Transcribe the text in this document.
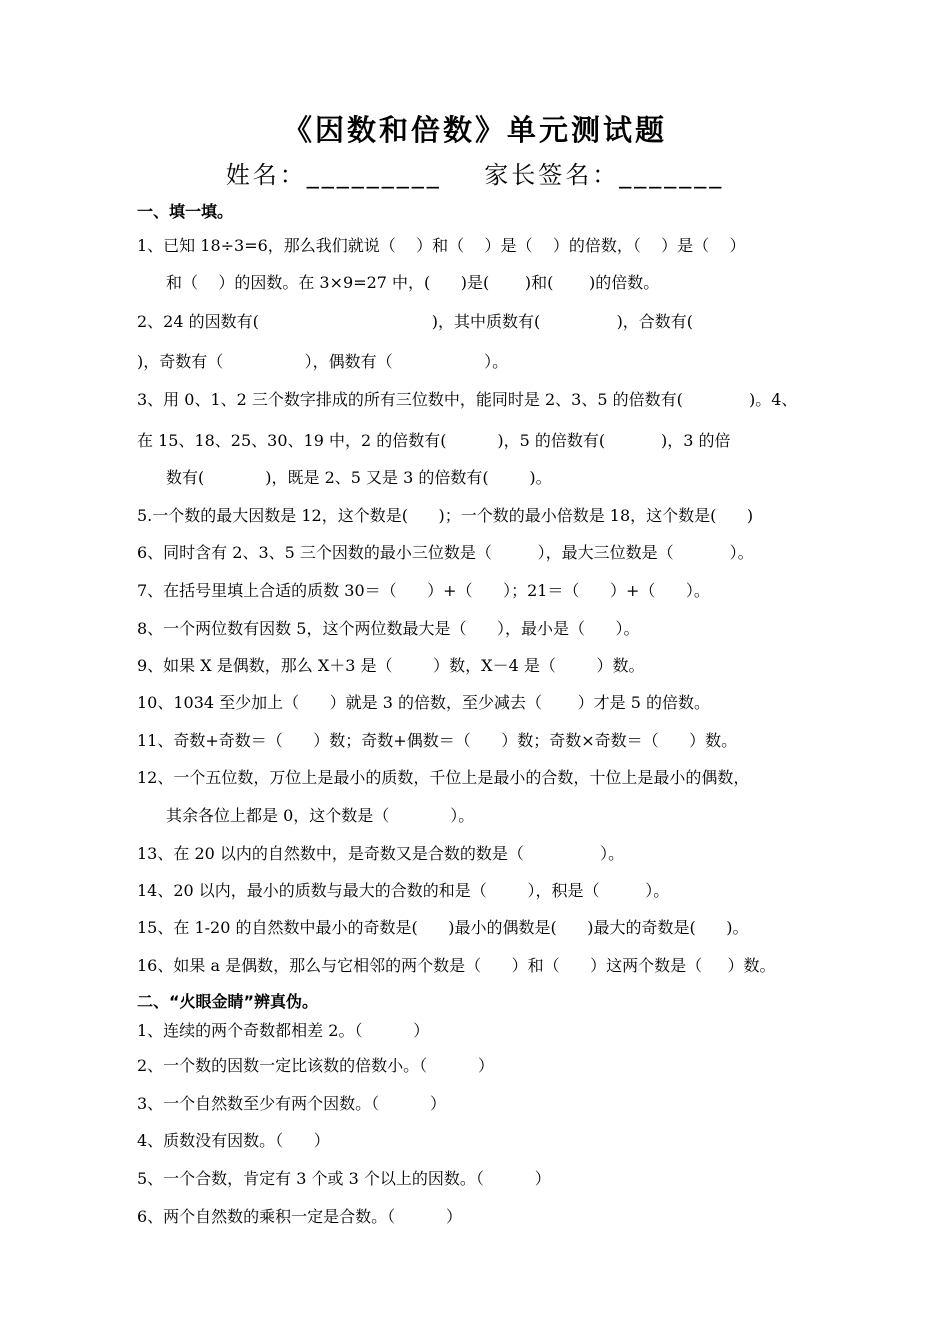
《因数和倍数》单元测试题
姓名：_________    家长签名：_______
一、填一填。
1、已知 18÷3=6，那么我们就说（    ）和（    ）是（    ）的倍数，（    ）是（    ）
和（    ）的因数。在 3×9=27 中，(      )是(       )和(       )的倍数。
2、24 的因数有(                                  )，其中质数有(               )，合数有(
)，奇数有（                ），偶数有（                  ）。
3、用 0、1、2 三个数字排成的所有三位数中，能同时是 2、3、5 的倍数有(             )。4、
在 15、18、25、30、19 中，2 的倍数有(          )，5 的倍数有(           )，3 的倍
数有(            )，既是 2、5 又是 3 的倍数有(        )。
5.一个数的最大因数是 12，这个数是(      )；一个数的最小倍数是 18，这个数是(      )
6、同时含有 2、3、5 三个因数的最小三位数是（         ），最大三位数是（           ）。
7、在括号里填上合适的质数 30＝（      ）+（      ）；21＝（      ）+（      ）。
8、一个两位数有因数 5，这个两位数最大是（      ），最小是（      ）。
9、如果 X 是偶数，那么 X＋3 是（        ）数，X－4 是（        ）数。
10、1034 至少加上（      ）就是 3 的倍数，至少减去（       ）才是 5 的倍数。
11、奇数+奇数＝（      ）数；奇数+偶数＝（      ）数；奇数×奇数＝（      ）数。
12、一个五位数，万位上是最小的质数，千位上是最小的合数，十位上是最小的偶数，
其余各位上都是 0，这个数是（            ）。
13、在 20 以内的自然数中，是奇数又是合数的数是（               ）。
14、20 以内，最小的质数与最大的合数的和是（        ），积是（         ）。
15、在 1-20 的自然数中最小的奇数是(      )最小的偶数是(      )最大的奇数是(      )。
16、如果 a 是偶数，那么与它相邻的两个数是（      ）和（      ）这两个数是（     ）数。
二、“火眼金睛”辨真伪。
1、连续的两个奇数都相差 2。（          ）
2、一个数的因数一定比该数的倍数小。（          ）
3、一个自然数至少有两个因数。（          ）
4、质数没有因数。（      ）
5、一个合数，肯定有 3 个或 3 个以上的因数。（          ）
6、两个自然数的乘积一定是合数。（          ）
